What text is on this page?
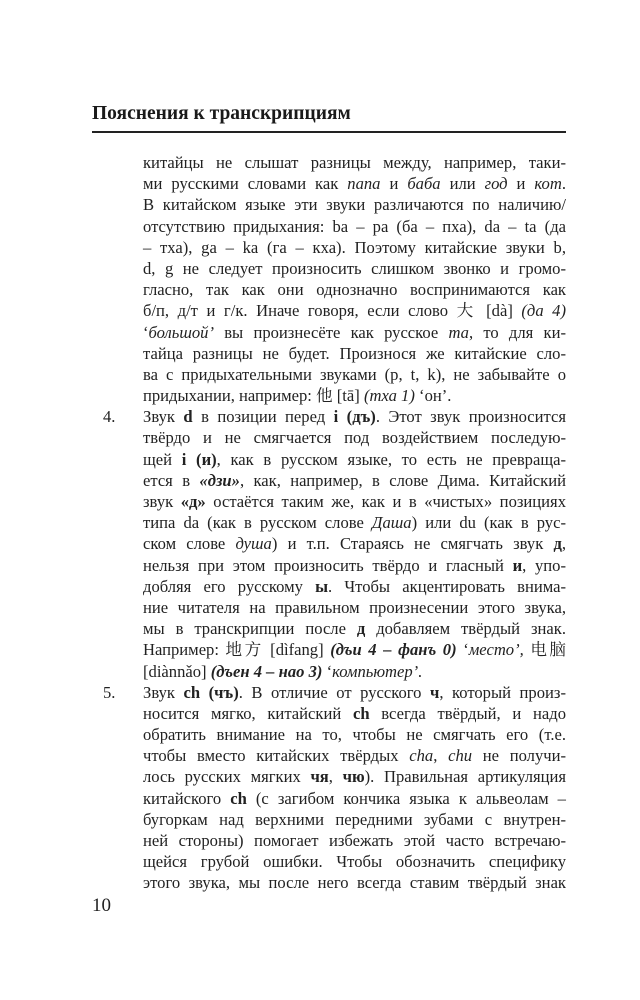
Пояснения к транскрипциям
китайцы не слышат разницы между, например, таки-
ми русскими словами как папа и баба или год и кот.
В китайском языке эти звуки различаются по наличию/
отсутствию придыхания: ba – pa (ба – пха), da – ta (да
– тха), ga – ka (га – кха). Поэтому китайские звуки b,
d, g не следует произносить слишком звонко и громо-
гласно, так как они однозначно воспринимаются как
б/п, д/т и г/к. Иначе говоря, если слово 大 [dà] (да 4)
‘большой’ вы произнесёте как русское та, то для ки-
тайца разницы не будет. Произнося же китайские сло-
ва с придыхательными звуками (p, t, k), не забывайте о
придыхании, например: 他 [tā] (тха 1) ‘он’.
4. Звук d в позиции перед i (дъ). Этот звук произносится
твёрдо и не смягчается под воздействием последую-
щей i (и), как в русском языке, то есть не превраща-
ется в «дзи», как, например, в слове Дима. Китайский
звук «д» остаётся таким же, как и в «чистых» позициях
типа da (как в русском слове Даша) или du (как в рус-
ском слове душа) и т.п. Стараясь не смягчать звук д,
нельзя при этом произносить твёрдо и гласный и, упо-
добляя его русскому ы. Чтобы акцентировать внима-
ние читателя на правильном произнесении этого звука,
мы в транскрипции после д добавляем твёрдый знак.
Например: 地方 [dìfang] (дъи 4 – фанъ 0) ‘место’, 电脑
[diànnǎo] (дъен 4 – нао 3) ‘компьютер’.
5. Звук ch (чъ). В отличие от русского ч, который произ-
носится мягко, китайский ch всегда твёрдый, и надо
обратить внимание на то, чтобы не смягчать его (т.е.
чтобы вместо китайских твёрдых cha, chu не получи-
лось русских мягких чя, чю). Правильная артикуляция
китайского ch (с загибом кончика языка к альвеолам –
бугоркам над верхними передними зубами с внутрен-
ней стороны) помогает избежать этой часто встречаю-
щейся грубой ошибки. Чтобы обозначить специфику
этого звука, мы после него всегда ставим твёрдый знак
10
